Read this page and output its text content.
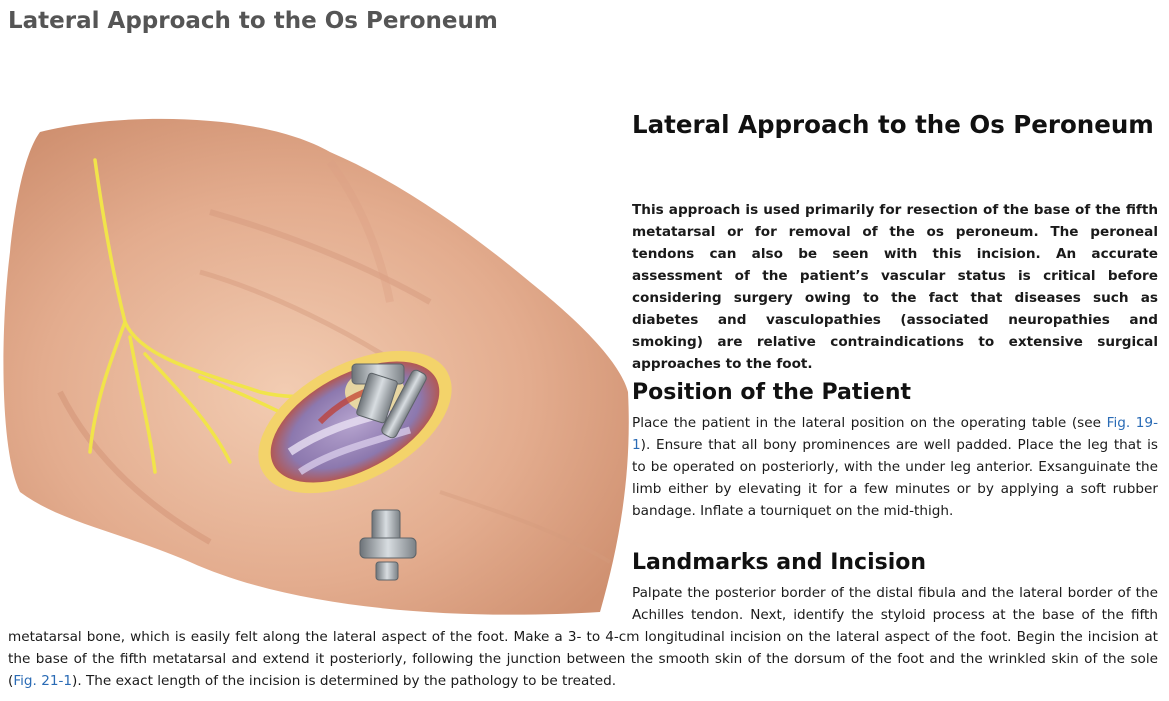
Lateral Approach to the Os Peroneum
Lateral Approach to the Os Peroneum

This approach is used primarily for resection of the base of the fifth metatarsal or for removal of the os peroneum. The peroneal tendons can also be seen with this incision. An accurate assessment of the patient’s vascular status is critical before considering surgery owing to the fact that diseases such as diabetes and vasculopathies (associated neuropathies and smoking) are relative contraindications to extensive surgical approaches to the foot.

Position of the Patient

Place the patient in the lateral position on the operating table (see Fig. 19-1). Ensure that all bony prominences are well padded. Place the leg that is to be operated on posteriorly, with the under leg anterior. Exsanguinate the limb either by elevating it for a few minutes or by applying a soft rubber bandage. Inflate a tourniquet on the mid-thigh.

Landmarks and Incision

Palpate the posterior border of the distal fibula and the lateral border of the Achilles tendon. Next, identify the styloid process at the base of the fifth metatarsal bone, which is easily felt along the lateral aspect of the foot. Make a 3- to 4-cm longitudinal incision on the lateral aspect of the foot. Begin the incision at the base of the fifth metatarsal and extend it posteriorly, following the junction between the smooth skin of the dorsum of the foot and the wrinkled skin of the sole (Fig. 21-1). The exact length of the incision is determined by the pathology to be treated.
